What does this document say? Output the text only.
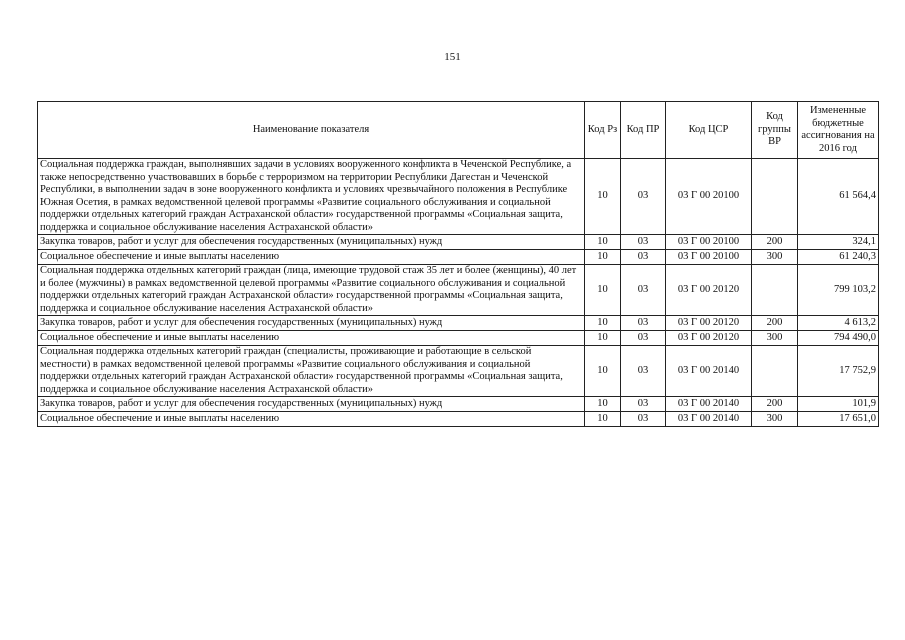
151
Наименование показателя	Код Рз	Код ПР	Код ЦСР	Код группы ВР	Измененные бюджетные ассигнования на 2016 год
Социальная поддержка граждан, выполнявших задачи в условиях вооруженного конфликта в Чеченской Республике, а также непосредственно участвовавших в борьбе с терроризмом на территории Республики Дагестан и Чеченской Республики, в выполнении задач в зоне вооруженного конфликта и условиях чрезвычайного положения в Республике Южная Осетия, в рамках ведомственной целевой программы «Развитие социального обслуживания и социальной поддержки отдельных категорий граждан Астраханской области» государственной программы «Социальная защита, поддержка и социальное обслуживание населения Астраханской области»	10	03	03 Г 00 20100		61 564,4
Закупка товаров, работ и услуг для обеспечения государственных (муниципальных) нужд	10	03	03 Г 00 20100	200	324,1
Социальное обеспечение и иные выплаты населению	10	03	03 Г 00 20100	300	61 240,3
Социальная поддержка отдельных категорий граждан (лица, имеющие трудовой стаж 35 лет и более (женщины), 40 лет и более (мужчины) в рамках ведомственной целевой программы «Развитие социального обслуживания и социальной поддержки отдельных категорий граждан Астраханской области» государственной программы «Социальная защита, поддержка и социальное обслуживание населения Астраханской области»	10	03	03 Г 00 20120		799 103,2
Закупка товаров, работ и услуг для обеспечения государственных (муниципальных) нужд	10	03	03 Г 00 20120	200	4 613,2
Социальное обеспечение и иные выплаты населению	10	03	03 Г 00 20120	300	794 490,0
Социальная поддержка отдельных категорий граждан (специалисты, проживающие и работающие в сельской местности) в рамках ведомственной целевой программы «Развитие социального обслуживания и социальной поддержки отдельных категорий граждан Астраханской области» государственной программы «Социальная защита, поддержка и социальное обслуживание населения Астраханской области»	10	03	03 Г 00 20140		17 752,9
Закупка товаров, работ и услуг для обеспечения государственных (муниципальных) нужд	10	03	03 Г 00 20140	200	101,9
Социальное обеспечение и иные выплаты населению	10	03	03 Г 00 20140	300	17 651,0
